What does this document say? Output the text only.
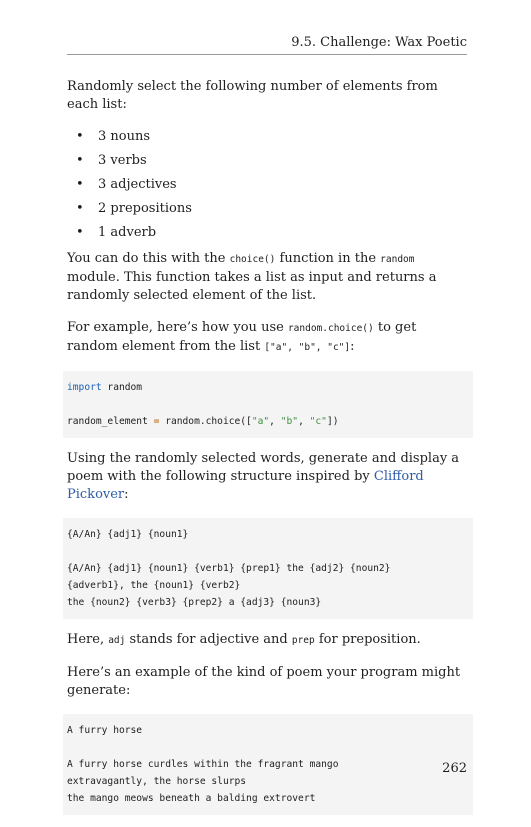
9.5. Challenge: Wax Poetic

Randomly select the following number of elements from each list:

• 3 nouns
• 3 verbs
• 3 adjectives
• 2 prepositions
• 1 adverb

You can do this with the choice() function in the random module. This function takes a list as input and returns a randomly selected element of the list.

For example, here’s how you use random.choice() to get random element from the list ["a", "b", "c"]:

import random

random_element = random.choice(["a", "b", "c"])

Using the randomly selected words, generate and display a poem with the following structure inspired by Clifford Pickover:

{A/An} {adj1} {noun1}

{A/An} {adj1} {noun1} {verb1} {prep1} the {adj2} {noun2}
{adverb1}, the {noun1} {verb2}
the {noun2} {verb3} {prep2} a {adj3} {noun3}

Here, adj stands for adjective and prep for preposition.

Here’s an example of the kind of poem your program might generate:

A furry horse

A furry horse curdles within the fragrant mango
extravagantly, the horse slurps
the mango meows beneath a balding extrovert
262
